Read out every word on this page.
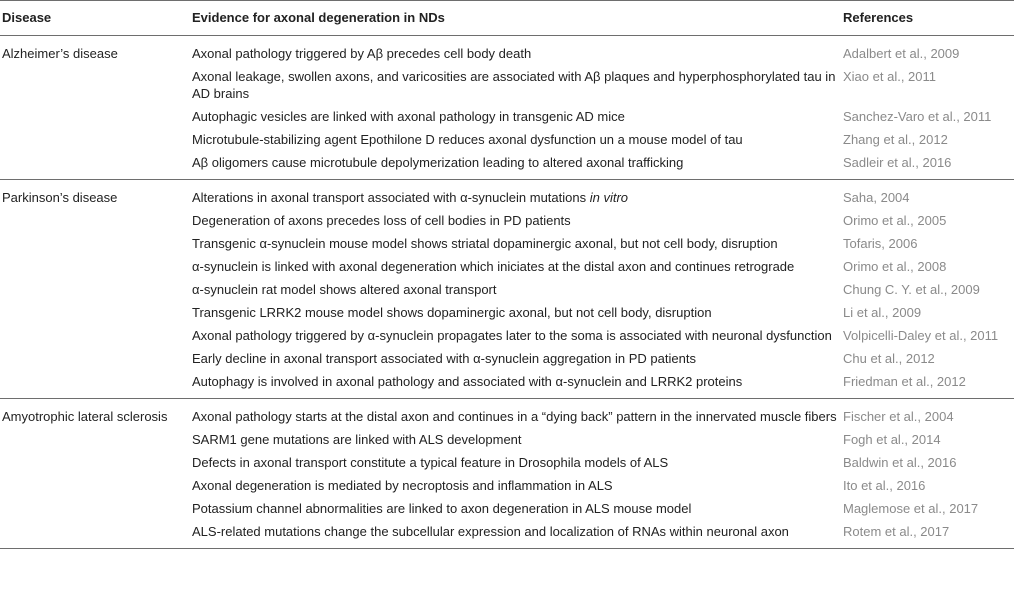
Disease	Evidence for axonal degeneration in NDs	References
Alzheimer’s disease	Axonal pathology triggered by Aβ precedes cell body death	Adalbert et al., 2009
	Axonal leakage, swollen axons, and varicosities are associated with Aβ plaques and hyperphosphorylated tau in AD brains	Xiao et al., 2011
	Autophagic vesicles are linked with axonal pathology in transgenic AD mice	Sanchez-Varo et al., 2011
	Microtubule-stabilizing agent Epothilone D reduces axonal dysfunction un a mouse model of tau	Zhang et al., 2012
	Aβ oligomers cause microtubule depolymerization leading to altered axonal trafficking	Sadleir et al., 2016
Parkinson’s disease	Alterations in axonal transport associated with α-synuclein mutations in vitro	Saha, 2004
	Degeneration of axons precedes loss of cell bodies in PD patients	Orimo et al., 2005
	Transgenic α-synuclein mouse model shows striatal dopaminergic axonal, but not cell body, disruption	Tofaris, 2006
	α-synuclein is linked with axonal degeneration which iniciates at the distal axon and continues retrograde	Orimo et al., 2008
	α-synuclein rat model shows altered axonal transport	Chung C. Y. et al., 2009
	Transgenic LRRK2 mouse model shows dopaminergic axonal, but not cell body, disruption	Li et al., 2009
	Axonal pathology triggered by α-synuclein propagates later to the soma is associated with neuronal dysfunction	Volpicelli-Daley et al., 2011
	Early decline in axonal transport associated with α-synuclein aggregation in PD patients	Chu et al., 2012
	Autophagy is involved in axonal pathology and associated with α-synuclein and LRRK2 proteins	Friedman et al., 2012
Amyotrophic lateral sclerosis	Axonal pathology starts at the distal axon and continues in a “dying back” pattern in the innervated muscle fibers	Fischer et al., 2004
	SARM1 gene mutations are linked with ALS development	Fogh et al., 2014
	Defects in axonal transport constitute a typical feature in Drosophila models of ALS	Baldwin et al., 2016
	Axonal degeneration is mediated by necroptosis and inflammation in ALS	Ito et al., 2016
	Potassium channel abnormalities are linked to axon degeneration in ALS mouse model	Maglemose et al., 2017
	ALS-related mutations change the subcellular expression and localization of RNAs within neuronal axon	Rotem et al., 2017
